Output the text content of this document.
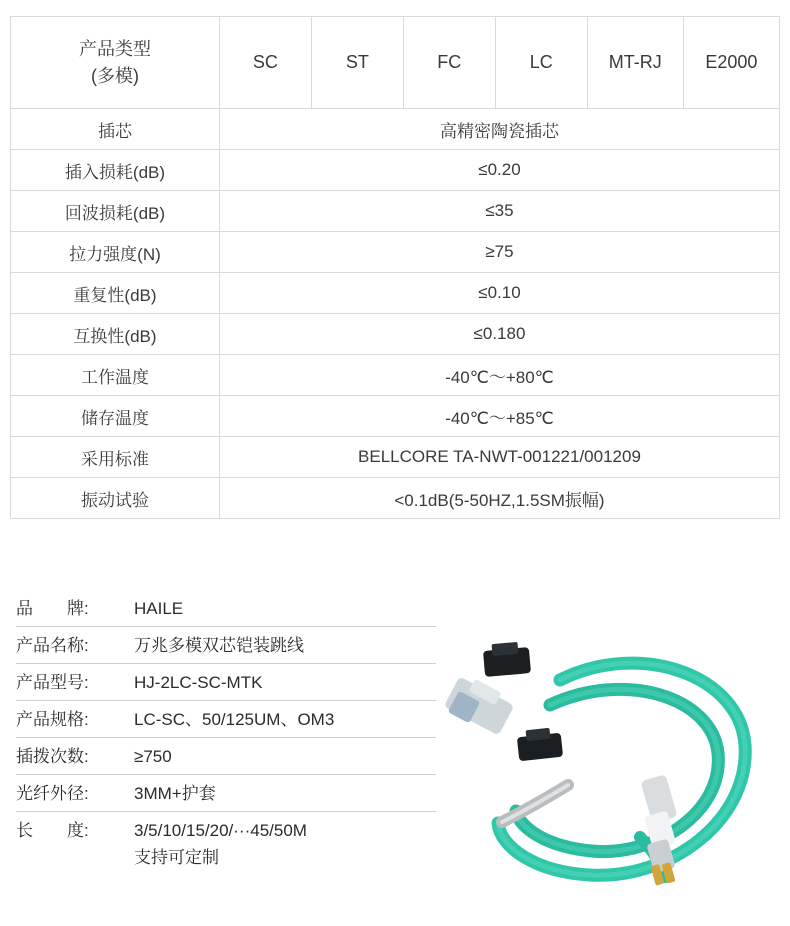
产品类型
(多模)	SC	ST	FC	LC	MT-RJ	E2000
插芯	高精密陶瓷插芯					
插入损耗(dB)	≤0.20					
回波损耗(dB)	≤35					
拉力强度(N)	≥75					
重复性(dB)	≤0.10					
互换性(dB)	≤0.180					
工作温度	-40℃～+80℃					
储存温度	-40℃～+85℃					
采用标准	BELLCORE TA-NWT-001221/001209					
振动试验	<0.1dB(5-50HZ,1.5SM振幅)					
品　　牌:	HAILE
产品名称:	万兆多模双芯铠装跳线
产品型号:	HJ-2LC-SC-MTK
产品规格:	LC-SC、50/125UM、OM3
插拨次数:	≥750
光纤外径:	3MM+护套
长　　度:	3/5/10/15/20/···45/50M
支持可定制
